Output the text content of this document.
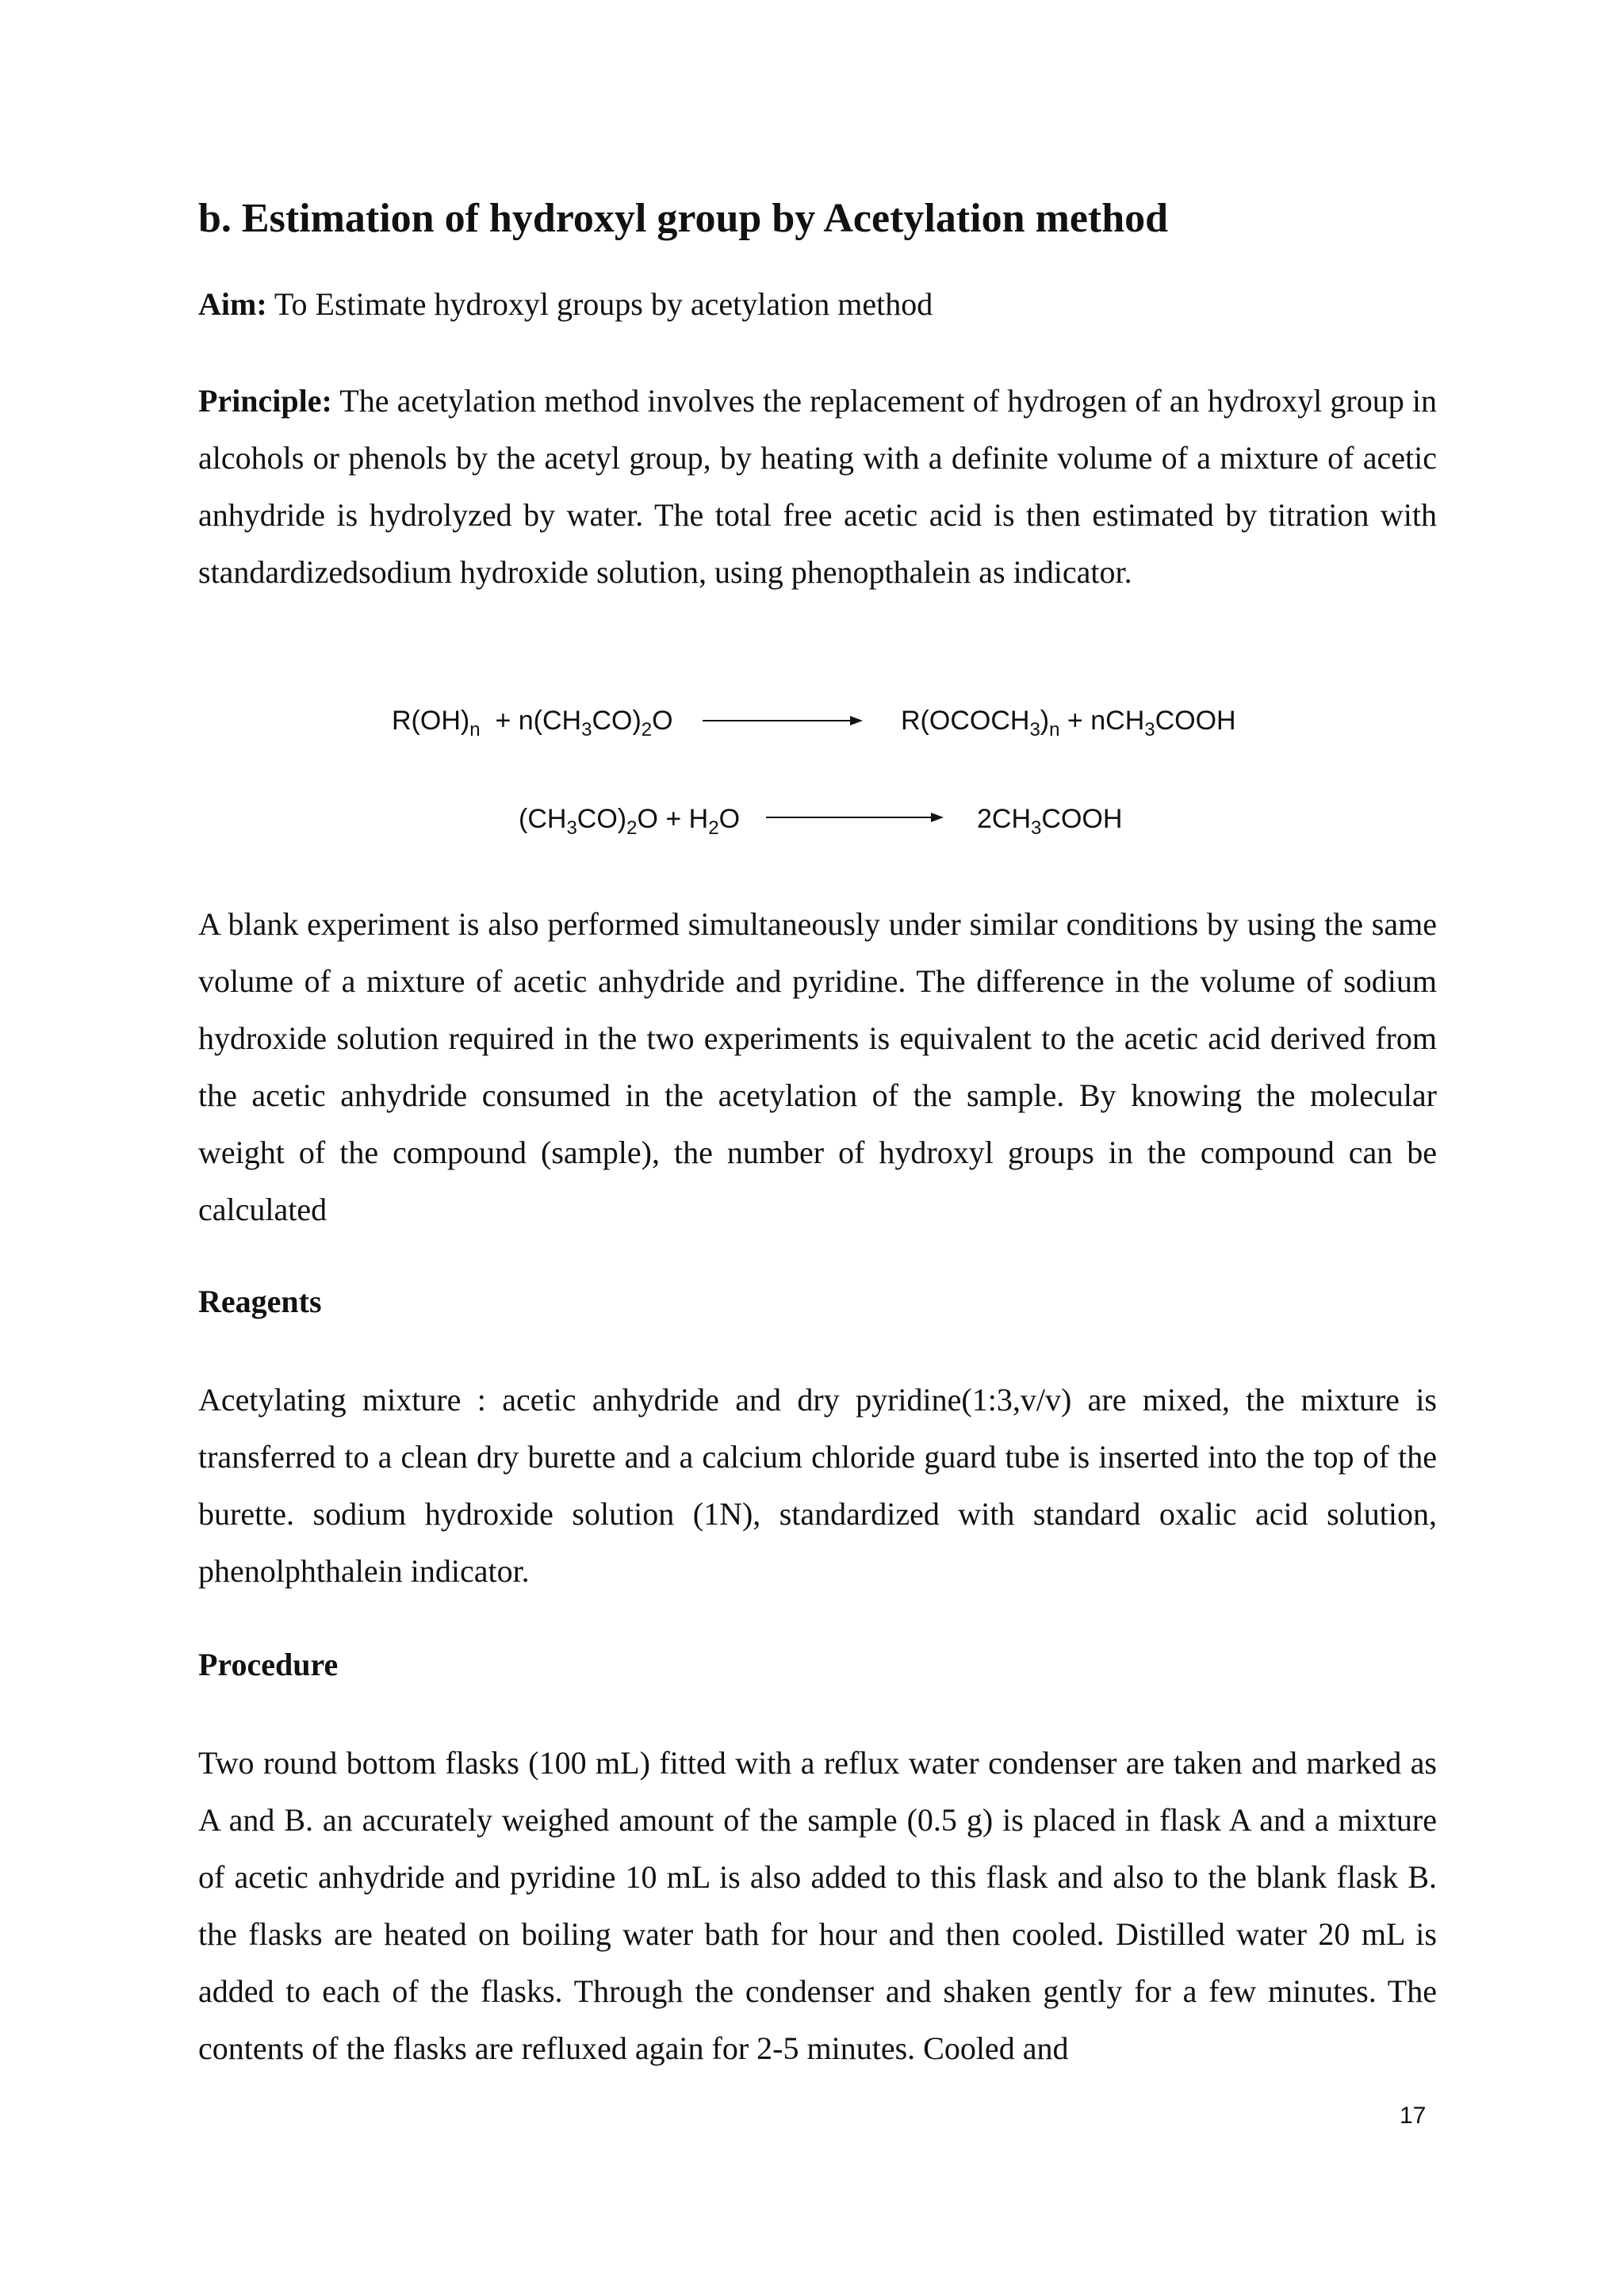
b. Estimation of hydroxyl group by Acetylation method
Aim: To Estimate hydroxyl groups by acetylation method

Principle: The acetylation method involves the replacement of hydrogen of an hydroxyl group in alcohols or phenols by the acetyl group, by heating with a definite volume of a mixture of acetic anhydride is hydrolyzed by water. The total free acetic acid is then estimated by titration with standardizedsodium hydroxide solution, using phenopthalein as indicator.

A blank experiment is also performed simultaneously under similar conditions by using the same volume of a mixture of acetic anhydride and pyridine. The difference in the volume of sodium hydroxide solution required in the two experiments is equivalent to the acetic acid derived from the acetic anhydride consumed in the acetylation of the sample. By knowing the molecular weight of the compound (sample), the number of hydroxyl groups in the compound can be calculated

Reagents

Acetylating mixture : acetic anhydride and dry pyridine(1:3,v/v) are mixed, the mixture is transferred to a clean dry burette and a calcium chloride guard tube is inserted into the top of the burette. sodium hydroxide solution (1N), standardized with standard oxalic acid solution, phenolphthalein indicator.

Procedure

Two round bottom flasks (100 mL) fitted with a reflux water condenser are taken and marked as A and B. an accurately weighed amount of the sample (0.5 g) is placed in flask A and a mixture of acetic anhydride and pyridine 10 mL is also added to this flask and also to the blank flask B. the flasks are heated on boiling water bath for hour and then cooled. Distilled water 20 mL is added to each of the flasks. Through the condenser and shaken gently for a few minutes. The contents of the flasks are refluxed again for 2-5 minutes. Cooled and

$R(OH)_n + n(CH_3CO)_2O$	$R(OCOCH_3)_n$ + nCH$_3$COOH
$(CH_3CO)_2O + H_2O$	$2CH_3COOH$
17
